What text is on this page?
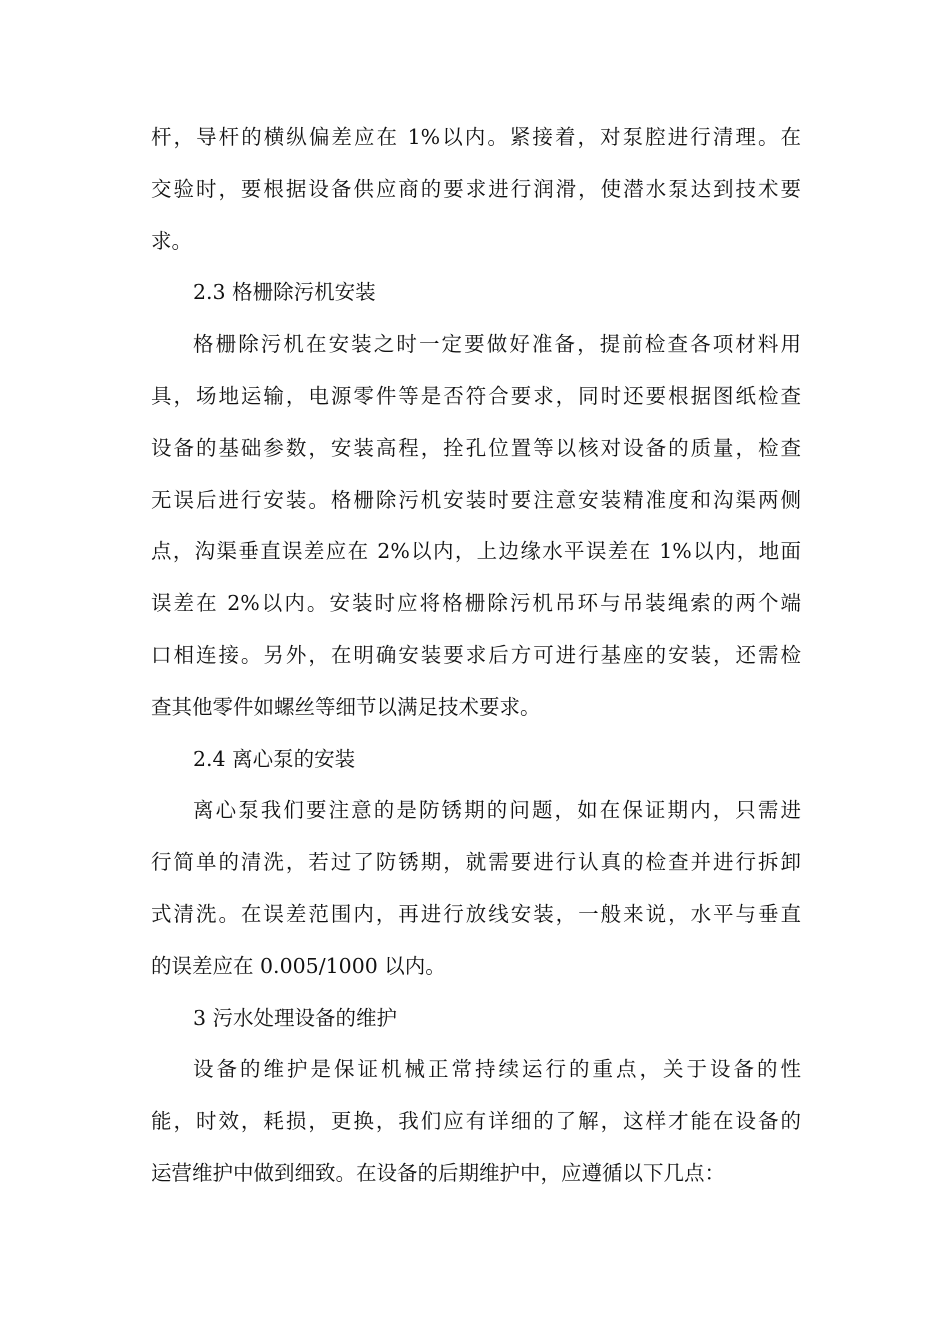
杆，导杆的横纵偏差应在 1%以内。紧接着，对泵腔进行清理。在
交验时，要根据设备供应商的要求进行润滑，使潜水泵达到技术要
求。
2.3 格栅除污机安装
格栅除污机在安装之时一定要做好准备，提前检查各项材料用
具，场地运输，电源零件等是否符合要求，同时还要根据图纸检查
设备的基础参数，安装高程，拴孔位置等以核对设备的质量，检查
无误后进行安装。格栅除污机安装时要注意安装精准度和沟渠两侧
点，沟渠垂直误差应在 2%以内，上边缘水平误差在 1%以内，地面
误差在 2%以内。安装时应将格栅除污机吊环与吊装绳索的两个端
口相连接。另外，在明确安装要求后方可进行基座的安装，还需检
查其他零件如螺丝等细节以满足技术要求。
2.4 离心泵的安装
离心泵我们要注意的是防锈期的问题，如在保证期内，只需进
行简单的清洗，若过了防锈期，就需要进行认真的检查并进行拆卸
式清洗。在误差范围内，再进行放线安装，一般来说，水平与垂直
的误差应在 0.005/1000 以内。
3 污水处理设备的维护
设备的维护是保证机械正常持续运行的重点，关于设备的性
能，时效，耗损，更换，我们应有详细的了解，这样才能在设备的
运营维护中做到细致。在设备的后期维护中，应遵循以下几点：
